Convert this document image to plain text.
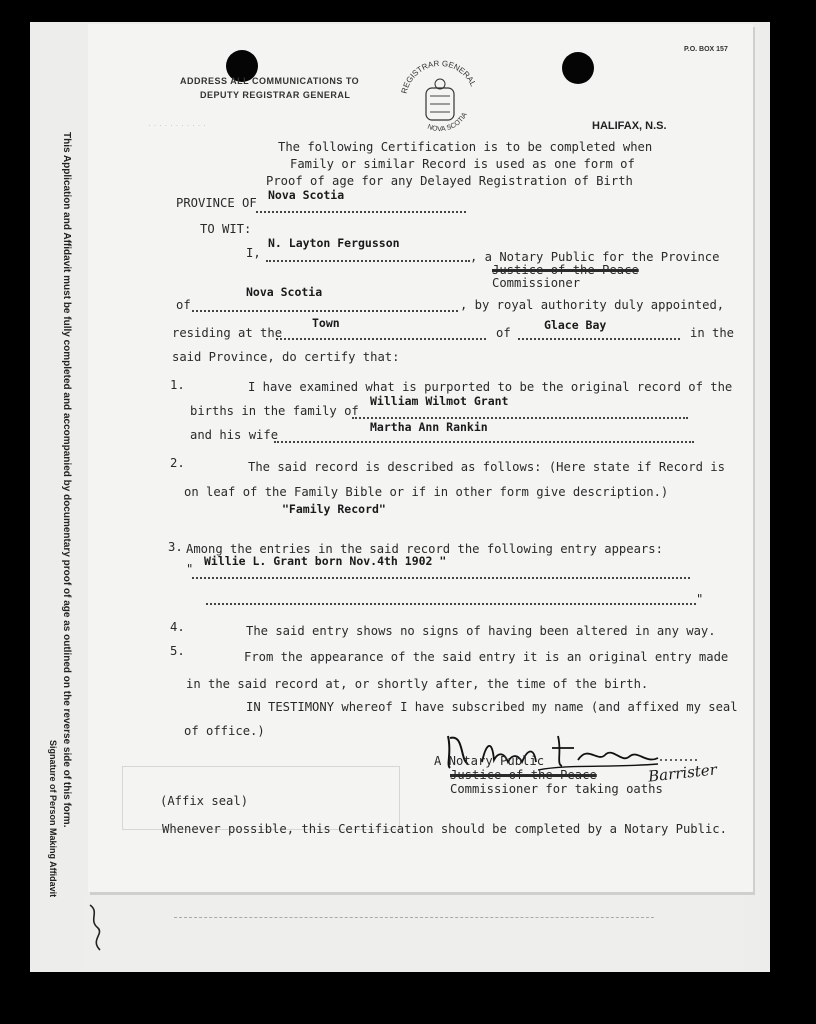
This Application and Affidavit must be fully completed and accompanied by documentary proof of age as outlined on the reverse side of this form.
Signature of Person Making Affidavit
· · · · · · · · · · ·
ADDRESS ALL COMMUNICATIONS TO
DEPUTY REGISTRAR GENERAL
P.O. BOX 157
HALIFAX, N.S.
REGISTRAR GENERAL
NOVA SCOTIA
The following Certification is to be completed when
Family or similar Record is used as one form of
Proof of age for any Delayed Registration of Birth
PROVINCE OF
Nova Scotia
TO WIT:
I,
N. Layton Fergusson
, a Notary Public for the Province
Justice of the Peace
Commissioner
of
Nova Scotia
, by royal authority duly appointed,
residing at the
Town
of
Glace Bay
in the
said Province, do certify that:
1.	I have examined what is purported to be the original record of the
births in the family of
William Wilmot Grant
and his wife
Martha Ann Rankin
2.	The said record is described as follows: (Here state if Record is
on leaf of the Family Bible or if in other form give description.)
"Family Record"
3. Among the entries in the said record the following entry appears:
"
Willie L. Grant born Nov.4th 1902 "
"
4.	The said entry shows no signs of having been altered in any way.
5.	From the appearance of the said entry it is an original entry made
in the said record at, or shortly after, the time of the birth.
IN TESTIMONY whereof I have subscribed my name (and affixed my seal
of office.)
A Notary Public
Justice of the Peace
Commissioner for taking oaths
Barrister
(Affix seal)
Whenever possible, this Certification should be completed by a Notary Public.
